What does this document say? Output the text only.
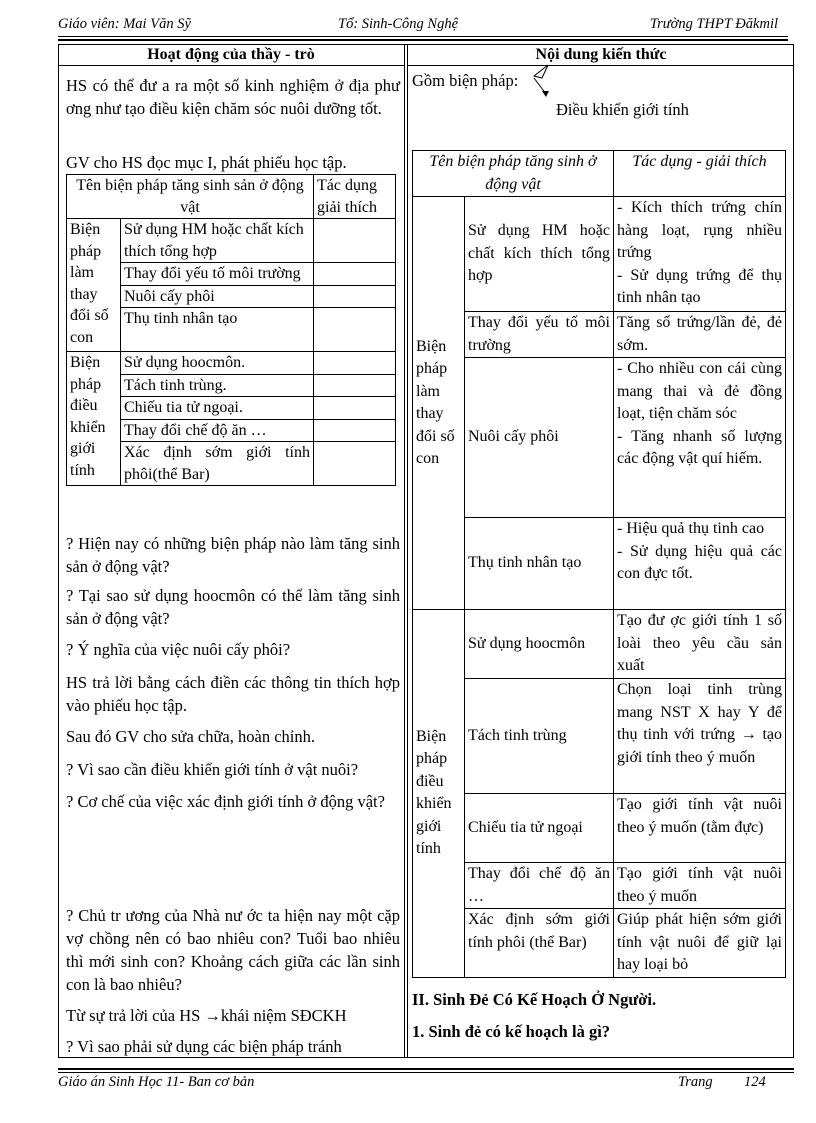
Giáo viên: Mai Văn Sỹ	Tổ: Sinh-Công Nghệ	Trường THPT Đăkmil
Hoạt động của thầy - trò	Nội dung kiến thức
HS có thể đư a ra một số kinh nghiệm ở địa phư ơng như tạo điều kiện chăm sóc nuôi dưỡng tốt.
GV cho HS đọc mục I, phát phiếu học tập.
Tên biện pháp tăng sinh sản ở động vật		Tác dụng giải thích
Biện pháp làm thay đổi số con	Sử dụng HM hoặc chất kích thích tổng hợp	
	Thay đổi yếu tố môi trường	
	Nuôi cấy phôi	
	Thụ tinh nhân tạo	
Biện pháp điều khiển giới tính	Sử dụng hoocmôn.	
	Tách tinh trùng.	
	Chiếu tia tử ngoại.	
	Thay đổi chế độ ăn …	
	Xác định sớm giới tính phôi(thể Bar)	
? Hiện nay có những biện pháp nào làm tăng sinh sản ở động vật?
? Tại sao sử dụng hoocmôn có thể làm tăng sinh sản ở động vật?
? Ý nghĩa của việc nuôi cấy phôi?
HS trả lời bằng cách điền các thông tin thích hợp vào phiếu học tập.
Sau đó GV cho sửa chữa, hoàn chỉnh.
? Vì sao cần điều khiển giới tính ở vật nuôi?
? Cơ chế của việc xác định giới tính ở động vật?
? Chủ tr ương của Nhà nư ớc ta hiện nay một cặp vợ chồng nên có bao nhiêu con? Tuổi bao nhiêu thì mới sinh con? Khoảng cách giữa các lần sinh con là bao nhiêu?
Từ sự trả lời của HS →khái niệm SĐCKH
? Vì sao phải sử dụng các biện pháp tránh
Gồm biện pháp:
Điều khiển giới tính
Tên biện pháp tăng sinh ở động vật		Tác dụng - giải thích
Biện pháp làm thay đổi số con	Sử dụng HM hoặc chất kích thích tổng hợp	- Kích thích trứng chín hàng loạt, rụng nhiều trứng
- Sử dụng trứng để thụ tinh nhân tạo
	Thay đổi yếu tố môi trường	Tăng số trứng/lần đẻ, đẻ sớm.
	Nuôi cấy phôi	- Cho nhiều con cái cùng mang thai và đẻ đồng loạt, tiện chăm sóc
- Tăng nhanh số lượng các động vật quí hiếm.
	Thụ tinh nhân tạo	- Hiệu quả thụ tinh cao
- Sử dụng hiệu quả các con đực tốt.
Biện pháp điều khiển giới tính	Sử dụng hoocmôn	Tạo đư ợc giới tính 1 số loài theo yêu cầu sản xuất
	Tách tinh trùng	Chọn loại tinh trùng mang NST X hay Y để thụ tinh với trứng → tạo giới tính theo ý muốn
	Chiếu tia tử ngoại	Tạo giới tính vật nuôi theo ý muốn (tằm đực)
	Thay đổi chế độ ăn …	Tạo giới tính vật nuôi theo ý muốn
	Xác định sớm giới tính phôi (thể Bar)	Giúp phát hiện sớm giới tính vật nuôi để giữ lại hay loại bỏ
II. Sinh Đẻ Có Kế Hoạch Ở Người.
1. Sinh đẻ có kế hoạch là gì?
Giáo án Sinh Học 11- Ban cơ bản	Trang 124
